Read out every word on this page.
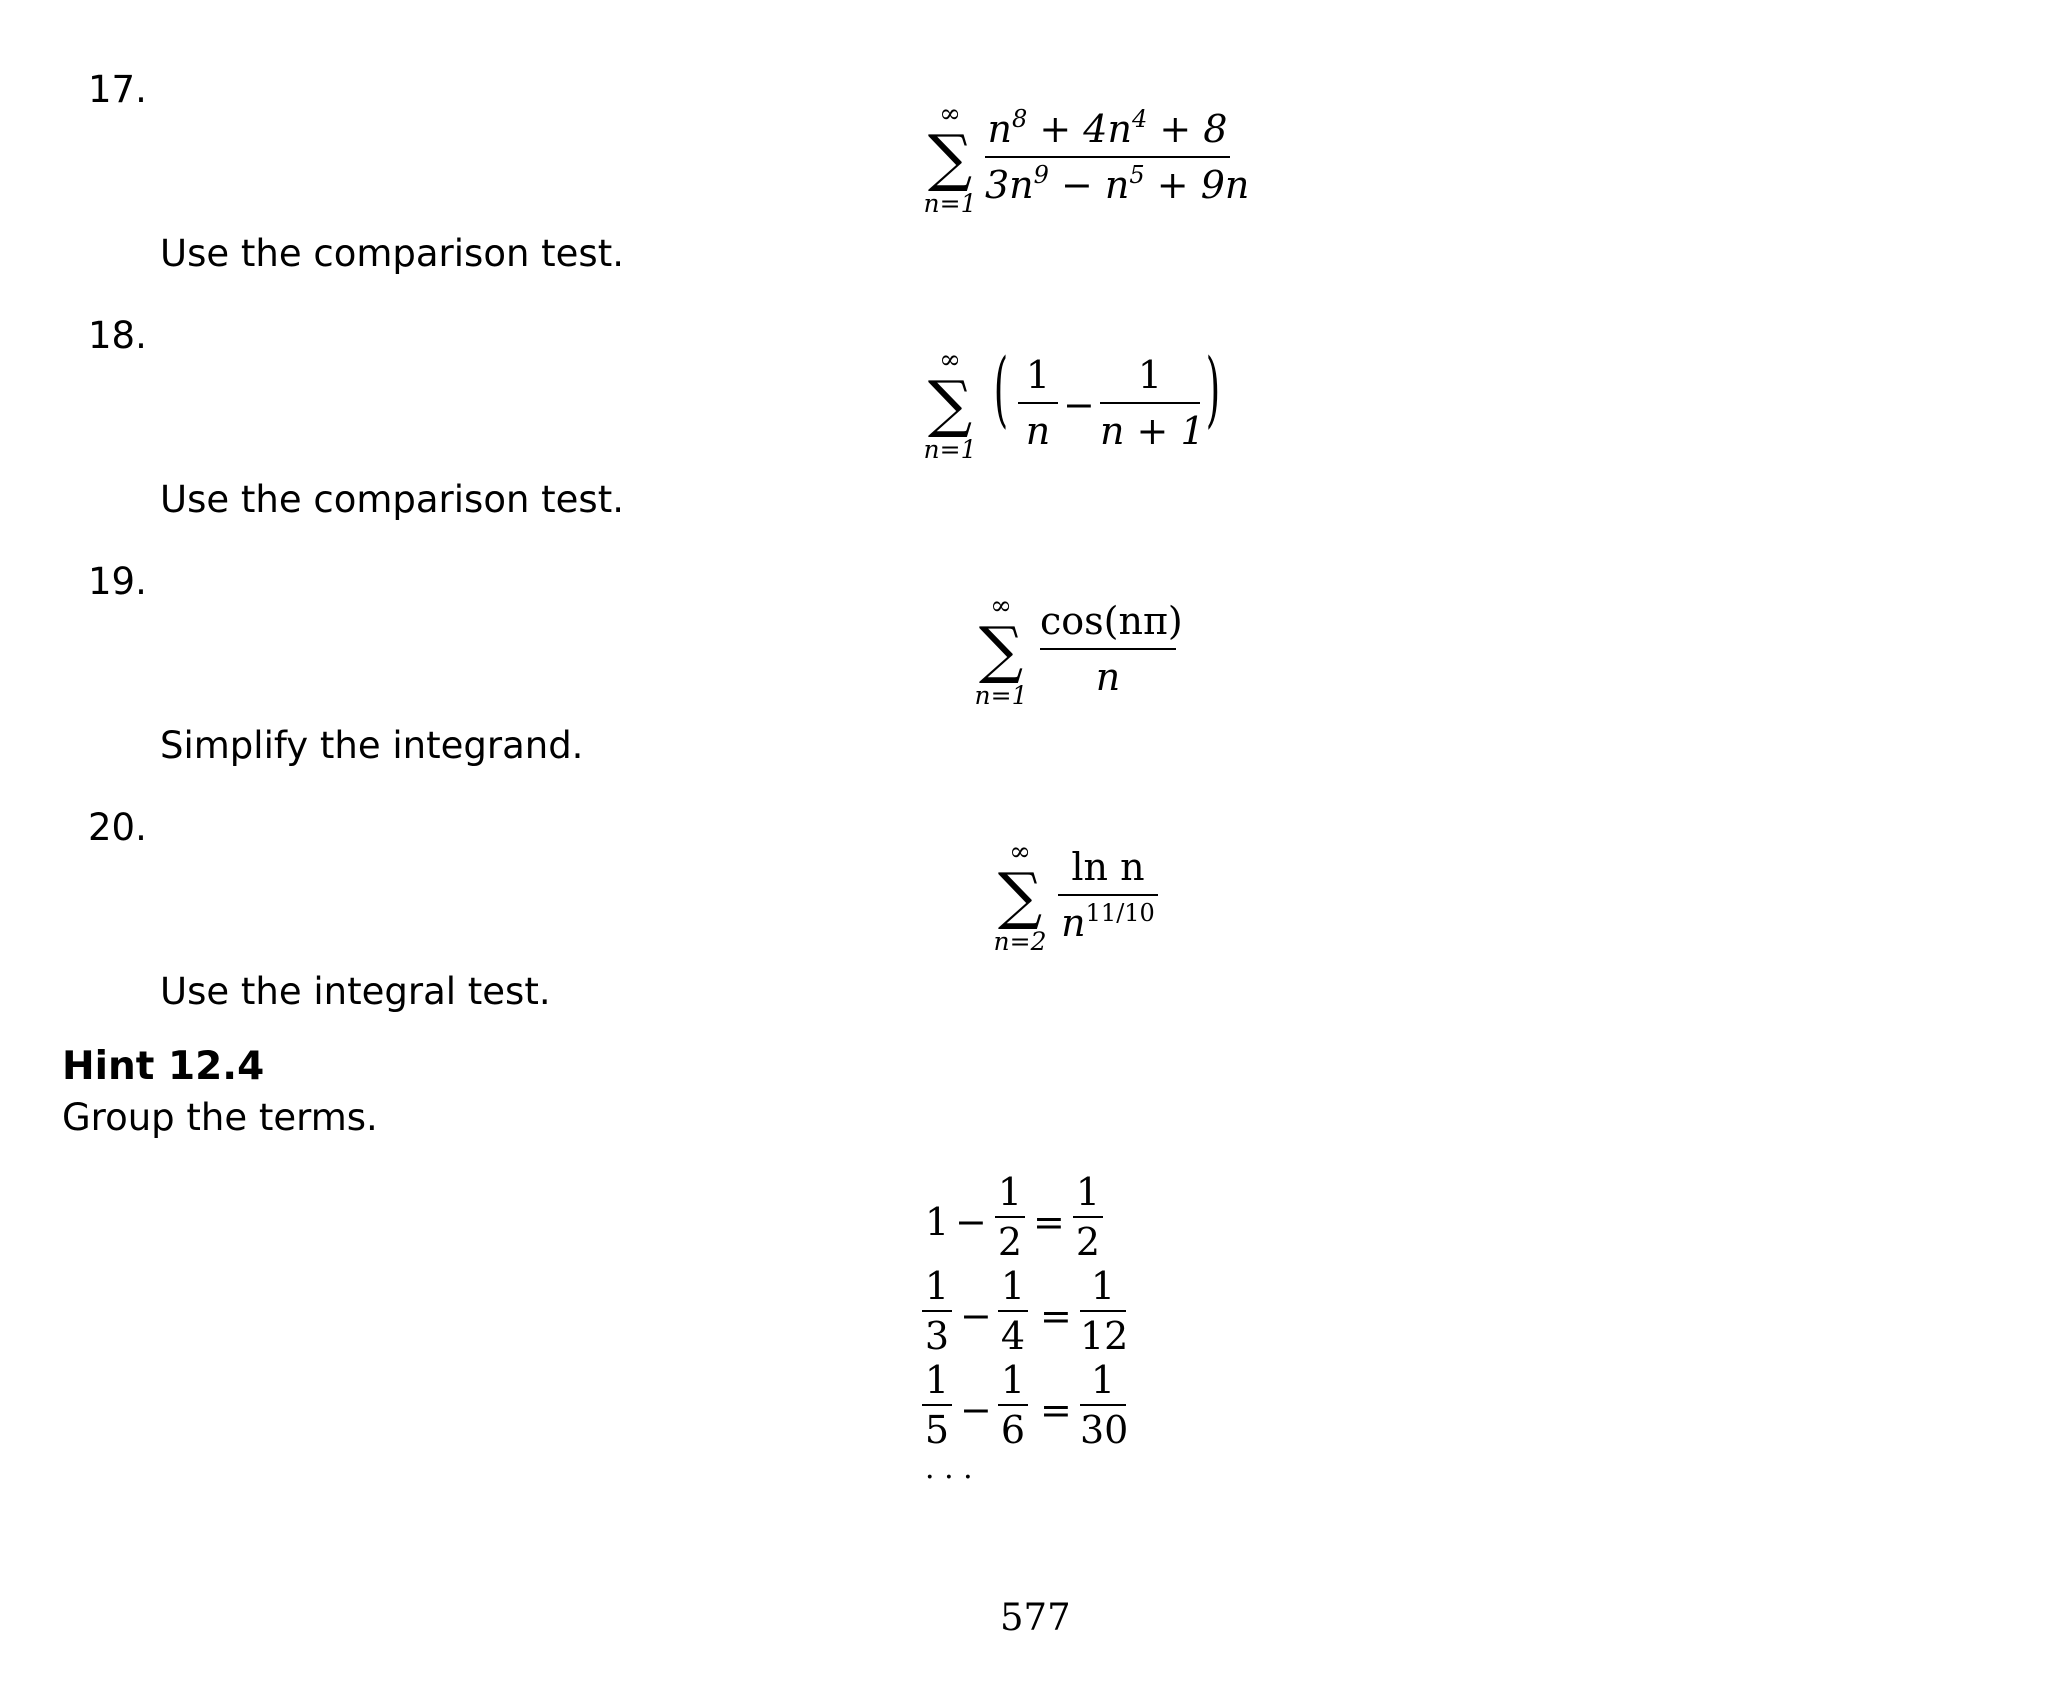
17.
∞
∑
n=1
$n^8 + 4n^4 + 8$
$3n^9 - n^5 + 9n$
Use the comparison test.
18.
∞
∑
n=1
( 1
n
−
1
n + 1 )
Use the comparison test.
19.
∞
∑
n=1
cos(nπ)
n
Simplify the integrand.
20.
∞
∑
n=2
ln n
$n^{11/10}$
Use the integral test.
Hint 12.4
Group the terms.
1 −
1
2 =
1
2
1
3 −
1
4 =
1
12
1
5 −
1
6 =
1
30
· · ·
577
